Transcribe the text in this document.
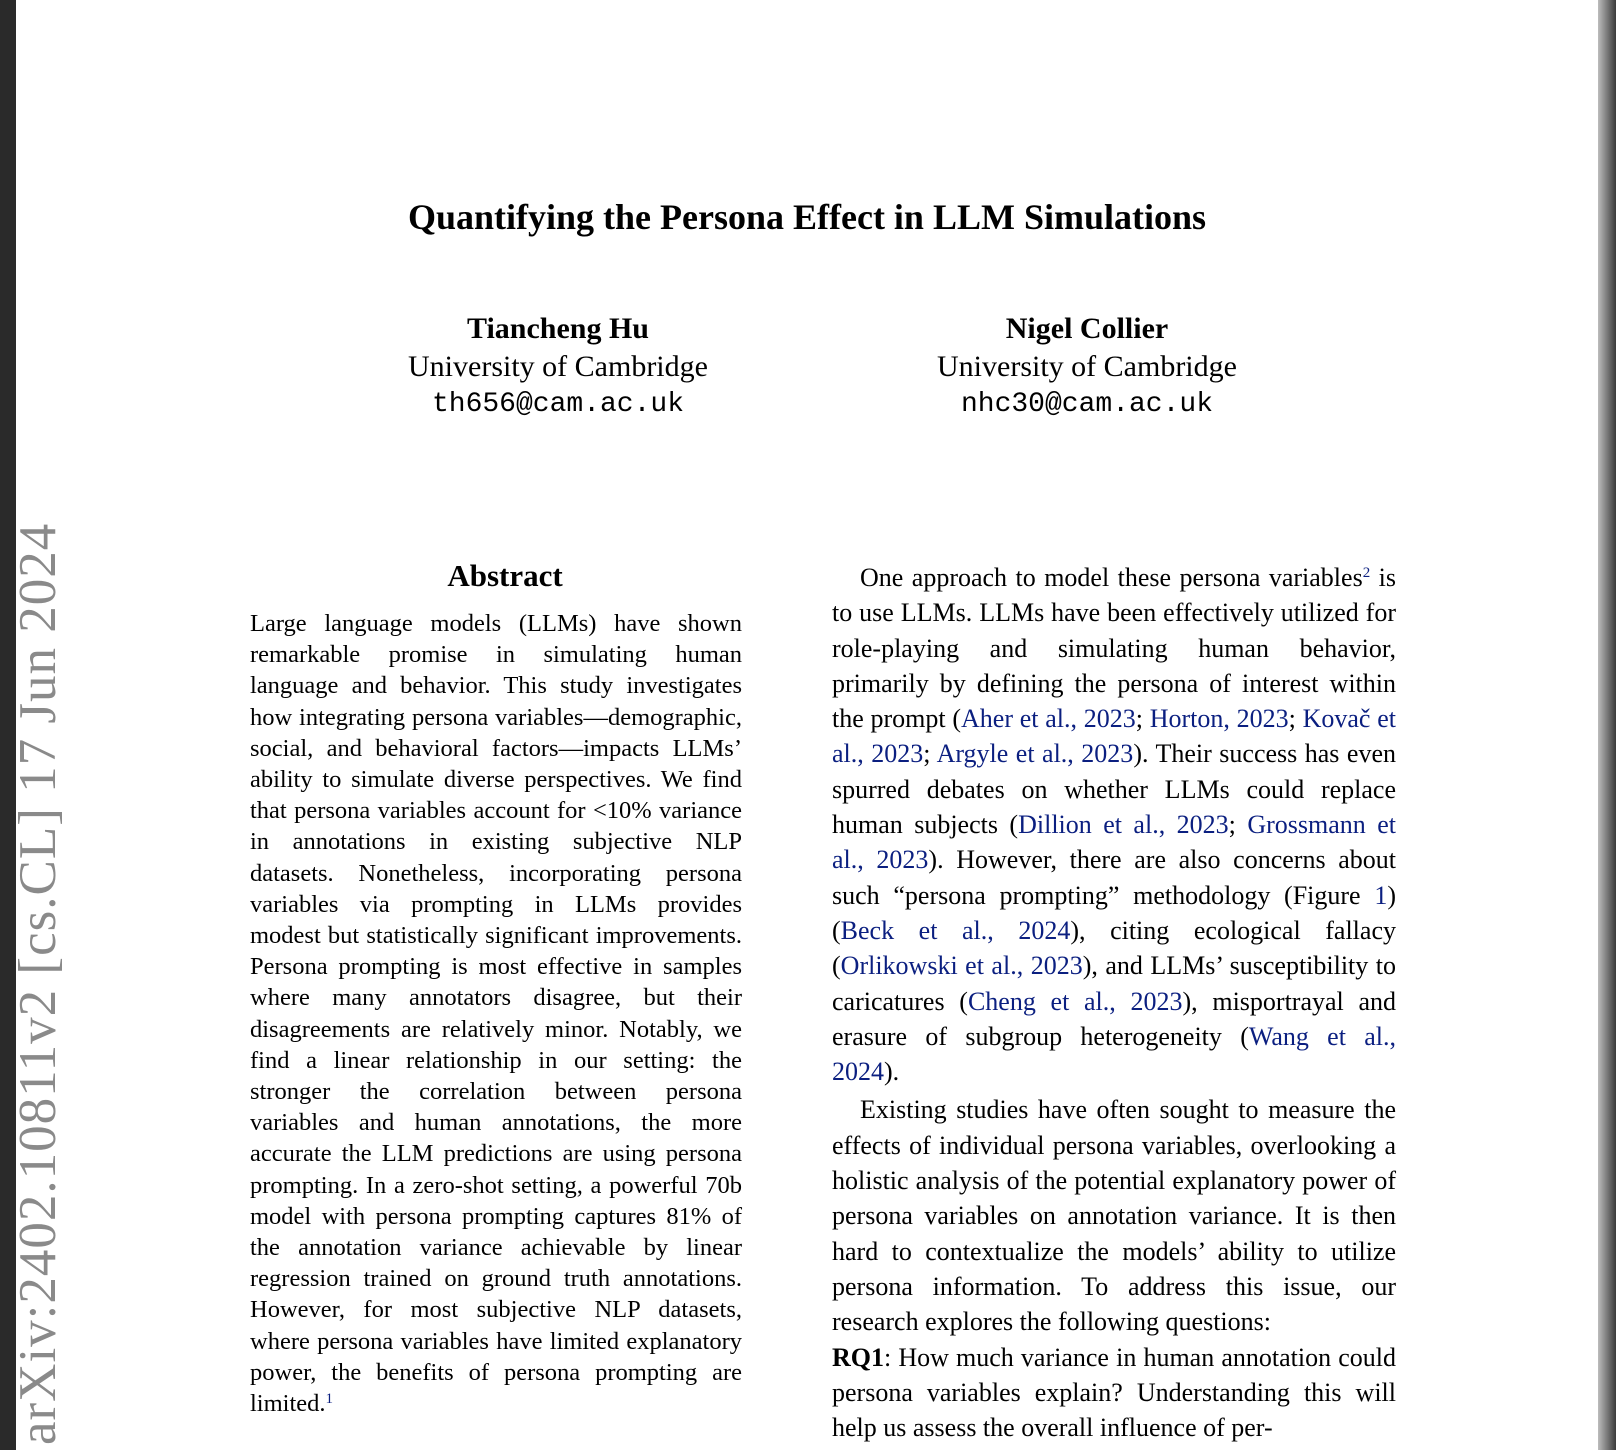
arXiv:2402.10811v2 [cs.CL] 17 Jun 2024
Quantifying the Persona Effect in LLM Simulations
Tiancheng Hu
University of Cambridge
th656@cam.ac.uk
Nigel Collier
University of Cambridge
nhc30@cam.ac.uk
Abstract

Large language models (LLMs) have shown remarkable promise in simulating human language and behavior. This study investigates how integrating persona variables—demographic, social, and behavioral factors—impacts LLMs’ ability to simulate diverse perspectives. We find that persona variables account for <10% variance in annotations in existing subjective NLP datasets. Nonetheless, incorporating persona variables via prompting in LLMs provides modest but statistically significant improvements. Persona prompting is most effective in samples where many annotators disagree, but their disagreements are relatively minor. Notably, we find a linear relationship in our setting: the stronger the correlation between persona variables and human annotations, the more accurate the LLM predictions are using persona prompting. In a zero-shot setting, a powerful 70b model with persona prompting captures 81% of the annotation variance achievable by linear regression trained on ground truth annotations. However, for most subjective NLP datasets, where persona variables have limited explanatory power, the benefits of persona prompting are limited.$^1$

One approach to model these persona variables$^2$ is to use LLMs. LLMs have been effectively utilized for role-playing and simulating human behavior, primarily by defining the persona of interest within the prompt (Aher et al., 2023; Horton, 2023; Kovač et al., 2023; Argyle et al., 2023). Their success has even spurred debates on whether LLMs could replace human subjects (Dillion et al., 2023; Grossmann et al., 2023). However, there are also concerns about such “persona prompting” methodology (Figure 1) (Beck et al., 2024), citing ecological fallacy (Orlikowski et al., 2023), and LLMs’ susceptibility to caricatures (Cheng et al., 2023), misportrayal and erasure of subgroup heterogeneity (Wang et al., 2024).

Existing studies have often sought to measure the effects of individual persona variables, overlooking a holistic analysis of the potential explanatory power of persona variables on annotation variance. It is then hard to contextualize the models’ ability to utilize persona information. To address this issue, our research explores the following questions:

RQ1: How much variance in human annotation could persona variables explain? Understanding this will help us assess the overall influence of per-
